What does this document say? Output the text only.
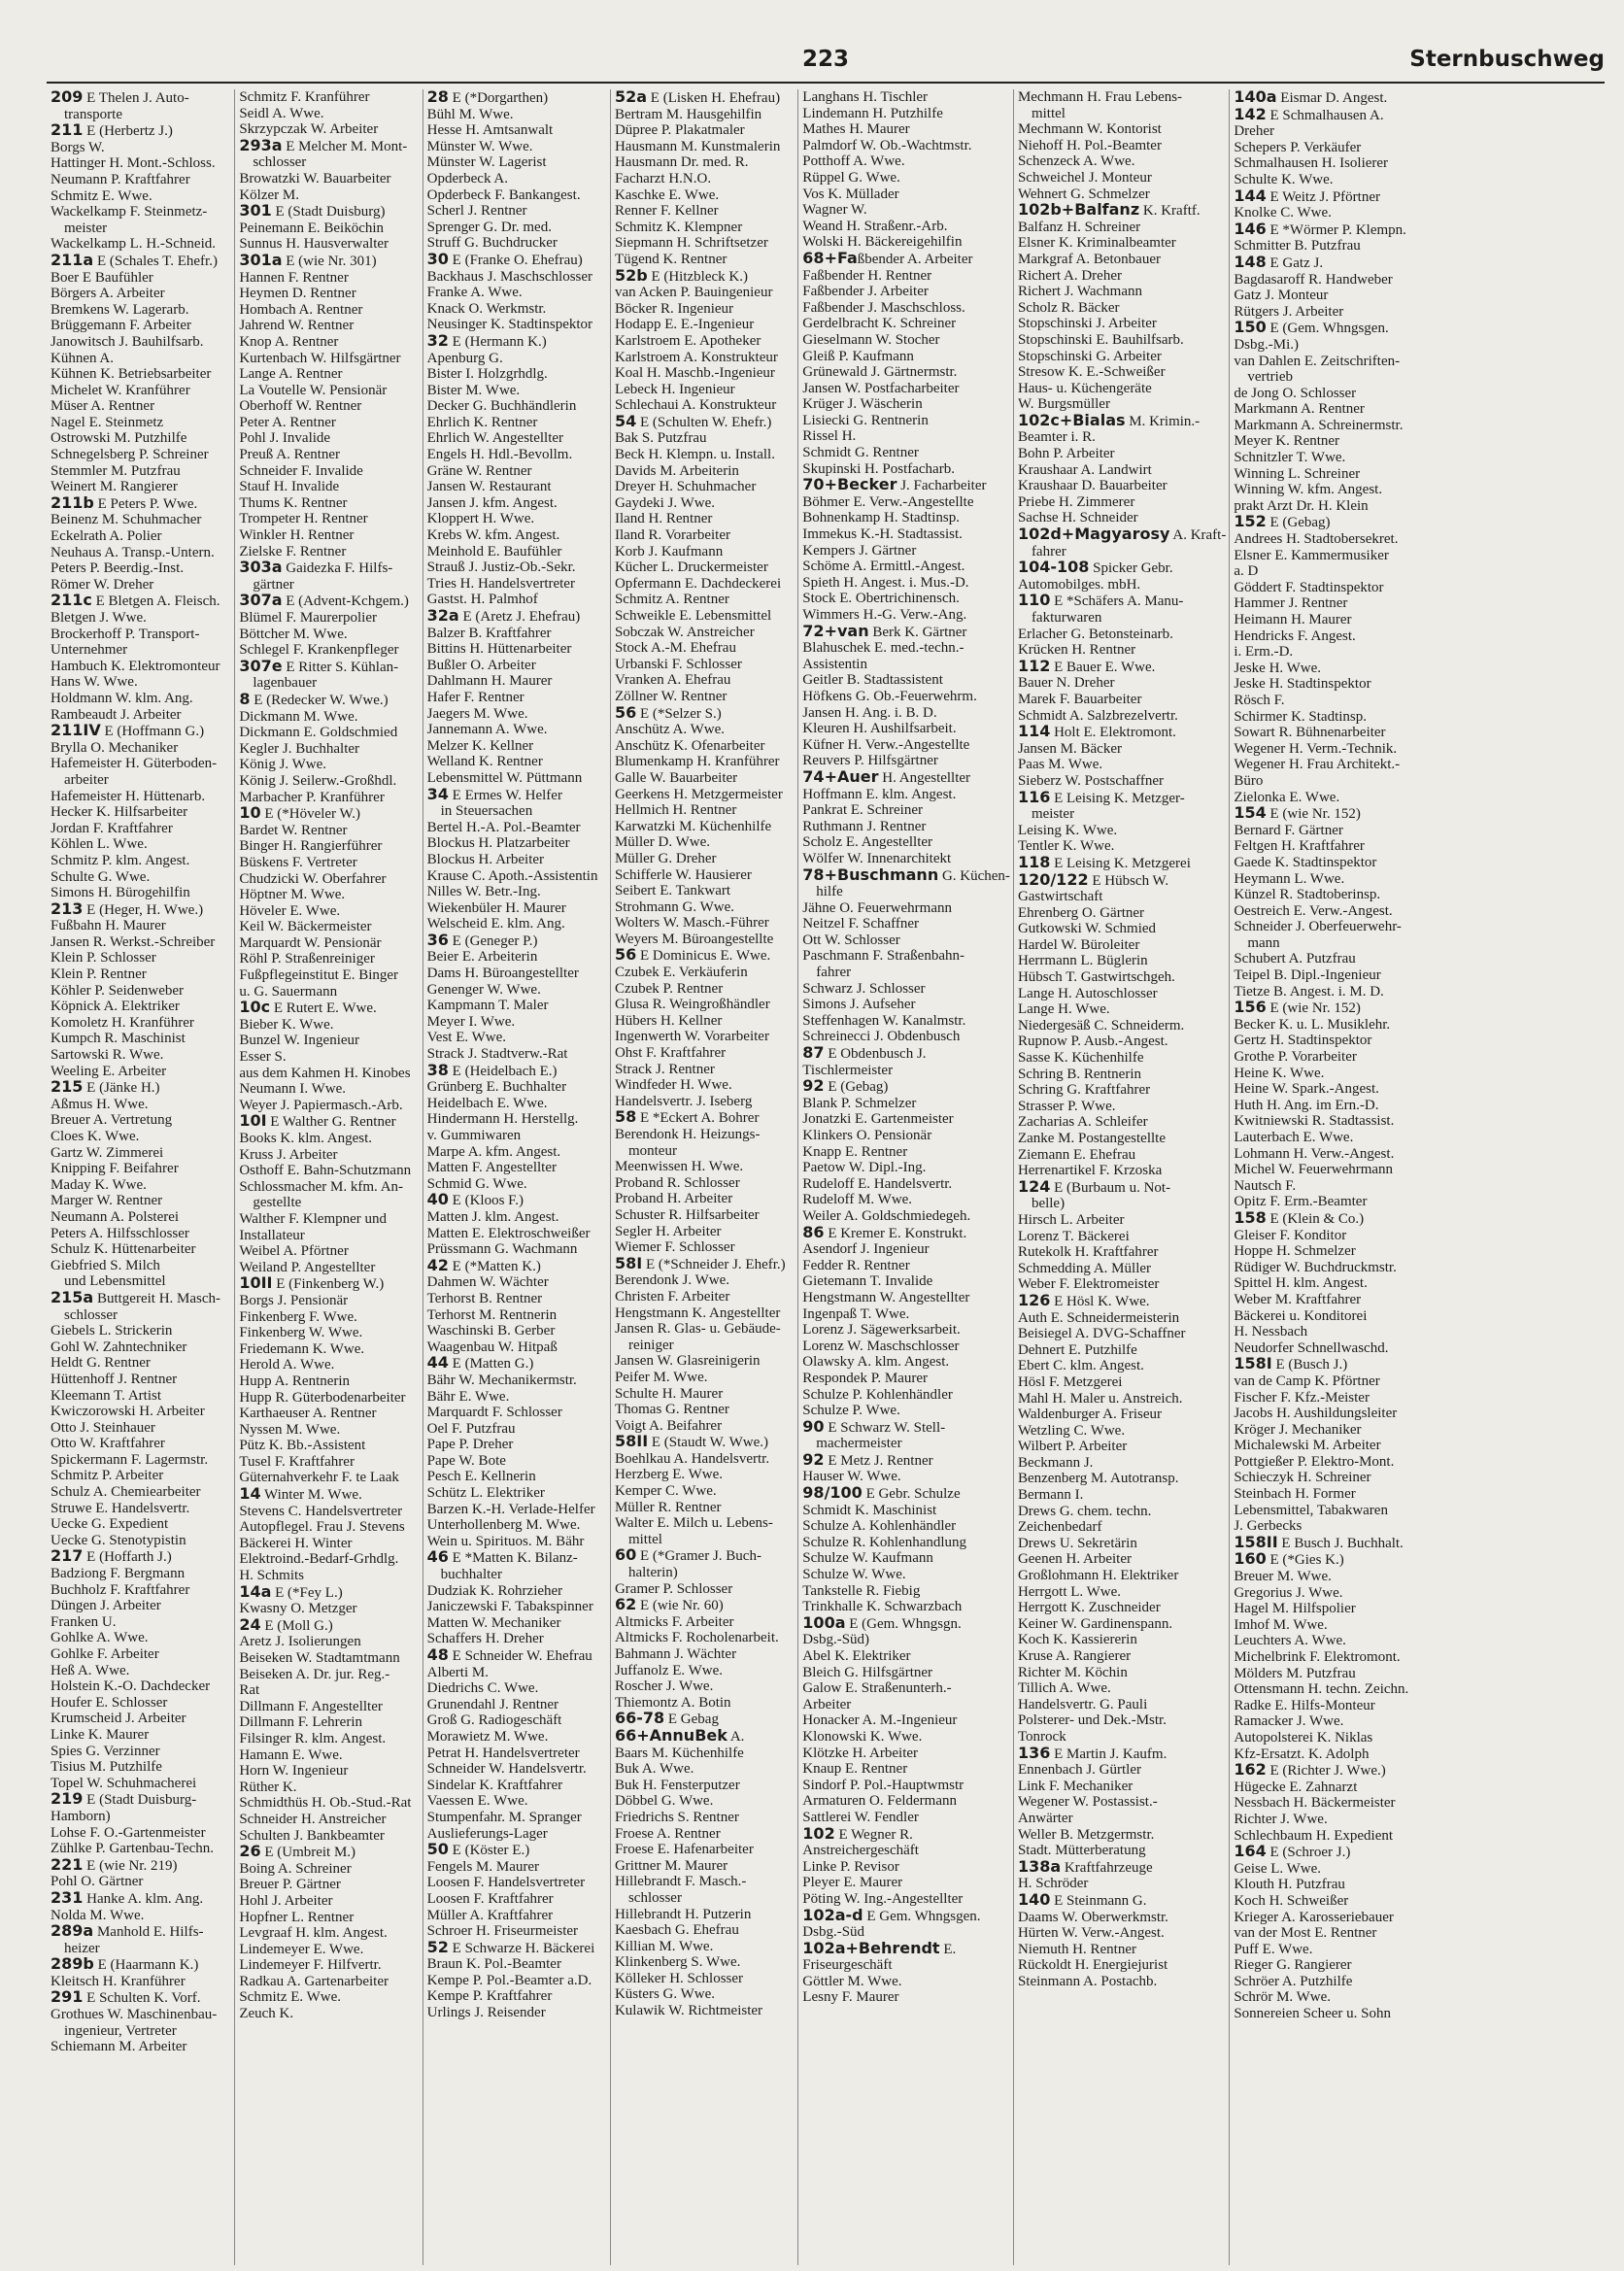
223	Sternbuschweg
209 E Thelen J. Auto-
transporte
211 E (Herbertz J.)
Borgs W.
Hattinger H. Mont.-Schloss.
Neumann P. Kraftfahrer
Schmitz E. Wwe.
Wackelkamp F. Steinmetz-
meister
Wackelkamp L. H.-Schneid.
211a E (Schales T. Ehefr.)
Boer E Baufühler
Börgers A. Arbeiter
Bremkens W. Lagerarb.
Brüggemann F. Arbeiter
Janowitsch J. Bauhilfsarb.
Kühnen A.
Kühnen K. Betriebsarbeiter
Michelet W. Kranführer
Müser A. Rentner
Nagel E. Steinmetz
Ostrowski M. Putzhilfe
Schnegelsberg P. Schreiner
Stemmler M. Putzfrau
Weinert M. Rangierer
211b E Peters P. Wwe.
Beinenz M. Schuhmacher
Eckelrath A. Polier
Neuhaus A. Transp.-Untern.
Peters P. Beerdig.-Inst.
Römer W. Dreher
211c E Bletgen A. Fleisch.
Bletgen J. Wwe.
Brockerhoff P. Transport-
Unternehmer
Hambuch K. Elektromonteur
Hans W. Wwe.
Holdmann W. klm. Ang.
Rambeaudt J. Arbeiter
211IV E (Hoffmann G.)
Brylla O. Mechaniker
Hafemeister H. Güterboden-
arbeiter
Hafemeister H. Hüttenarb.
Hecker K. Hilfsarbeiter
Jordan F. Kraftfahrer
Köhlen L. Wwe.
Schmitz P. klm. Angest.
Schulte G. Wwe.
Simons H. Bürogehilfin
213 E (Heger, H. Wwe.)
Fußbahn H. Maurer
Jansen R. Werkst.-Schreiber
Klein P. Schlosser
Klein P. Rentner
Köhler P. Seidenweber
Köpnick A. Elektriker
Komoletz H. Kranführer
Kumpch R. Maschinist
Sartowski R. Wwe.
Weeling E. Arbeiter
215 E (Jänke H.)
Aßmus H. Wwe.
Breuer A. Vertretung
Cloes K. Wwe.
Gartz W. Zimmerei
Knipping F. Beifahrer
Maday K. Wwe.
Marger W. Rentner
Neumann A. Polsterei
Peters A. Hilfsschlosser
Schulz K. Hüttenarbeiter
Giebfried S. Milch
und Lebensmittel
215a Buttgereit H. Masch-
schlosser
Giebels L. Strickerin
Gohl W. Zahntechniker
Heldt G. Rentner
Hüttenhoff J. Rentner
Kleemann T. Artist
Kwiczorowski H. Arbeiter
Otto J. Steinhauer
Otto W. Kraftfahrer
Spickermann F. Lagermstr.
Schmitz P. Arbeiter
Schulz A. Chemiearbeiter
Struwe E. Handelsvertr.
Uecke G. Expedient
Uecke G. Stenotypistin
217 E (Hoffarth J.)
Badziong F. Bergmann
Buchholz F. Kraftfahrer
Düngen J. Arbeiter
Franken U.
Gohlke A. Wwe.
Gohlke F. Arbeiter
Heß A. Wwe.
Holstein K.-O. Dachdecker
Houfer E. Schlosser
Krumscheid J. Arbeiter
Linke K. Maurer
Spies G. Verzinner
Tisius M. Putzhilfe
Topel W. Schuhmacherei
219 E (Stadt Duisburg-
Hamborn)
Lohse F. O.-Gartenmeister
Zühlke P. Gartenbau-Techn.
221 E (wie Nr. 219)
Pohl O. Gärtner
231 Hanke A. klm. Ang.
Nolda M. Wwe.
289a Manhold E. Hilfs-
heizer
289b E (Haarmann K.)
Kleitsch H. Kranführer
291 E Schulten K. Vorf.
Grothues W. Maschinenbau-
ingenieur, Vertreter
Schiemann M. Arbeiter
Schmitz F. Kranführer
Seidl A. Wwe.
Skrzypczak W. Arbeiter
293a E Melcher M. Mont-
schlosser
Browatzki W. Bauarbeiter
Kölzer M.
301 E (Stadt Duisburg)
Peinemann E. Beiköchin
Sunnus H. Hausverwalter
301a E (wie Nr. 301)
Hannen F. Rentner
Heymen D. Rentner
Hombach A. Rentner
Jahrend W. Rentner
Knop A. Rentner
Kurtenbach W. Hilfsgärtner
Lange A. Rentner
La Voutelle W. Pensionär
Oberhoff W. Rentner
Peter A. Rentner
Pohl J. Invalide
Preuß A. Rentner
Schneider F. Invalide
Stauf H. Invalide
Thums K. Rentner
Trompeter H. Rentner
Winkler H. Rentner
Zielske F. Rentner
303a Gaidezka F. Hilfs-
gärtner
307a E (Advent-Kchgem.)
Blümel F. Maurerpolier
Böttcher M. Wwe.
Schlegel F. Krankenpfleger
307e E Ritter S. Kühlan-
lagenbauer
8 E (Redecker W. Wwe.)
Dickmann M. Wwe.
Dickmann E. Goldschmied
Kegler J. Buchhalter
König J. Wwe.
König J. Seilerw.-Großhdl.
Marbacher P. Kranführer
10 E (*Höveler W.)
Bardet W. Rentner
Binger H. Rangierführer
Büskens F. Vertreter
Chudzicki W. Oberfahrer
Höptner M. Wwe.
Höveler E. Wwe.
Keil W. Bäckermeister
Marquardt W. Pensionär
Röhl P. Straßenreiniger
Fußpflegeinstitut E. Binger
u. G. Sauermann
10c E Rutert E. Wwe.
Bieber K. Wwe.
Bunzel W. Ingenieur
Esser S.
aus dem Kahmen H. Kinobes
Neumann I. Wwe.
Weyer J. Papiermasch.-Arb.
10I E Walther G. Rentner
Books K. klm. Angest.
Kruss J. Arbeiter
Osthoff E. Bahn-Schutzmann
Schlossmacher M. kfm. An-
gestellte
Walther F. Klempner und
Installateur
Weibel A. Pförtner
Weiland P. Angestellter
10II E (Finkenberg W.)
Borgs J. Pensionär
Finkenberg F. Wwe.
Finkenberg W. Wwe.
Friedemann K. Wwe.
Herold A. Wwe.
Hupp A. Rentnerin
Hupp R. Güterbodenarbeiter
Karthaeuser A. Rentner
Nyssen M. Wwe.
Pütz K. Bb.-Assistent
Tusel F. Kraftfahrer
Güternahverkehr F. te Laak
14 Winter M. Wwe.
Stevens C. Handelsvertreter
Autopflegel. Frau J. Stevens
Bäckerei H. Winter
Elektroind.-Bedarf-Grhdlg.
H. Schmits
14a E (*Fey L.)
Kwasny O. Metzger
24 E (Moll G.)
Aretz J. Isolierungen
Beiseken W. Stadtamtmann
Beiseken A. Dr. jur. Reg.-
Rat
Dillmann F. Angestellter
Dillmann F. Lehrerin
Filsinger R. klm. Angest.
Hamann E. Wwe.
Horn W. Ingenieur
Rüther K.
Schmidthüs H. Ob.-Stud.-Rat
Schneider H. Anstreicher
Schulten J. Bankbeamter
26 E (Umbreit M.)
Boing A. Schreiner
Breuer P. Gärtner
Hohl J. Arbeiter
Hopfner L. Rentner
Levgraaf H. klm. Angest.
Lindemeyer E. Wwe.
Lindemeyer F. Hilfvertr.
Radkau A. Gartenarbeiter
Schmitz E. Wwe.
Zeuch K.
28 E (*Dorgarthen)
Bühl M. Wwe.
Hesse H. Amtsanwalt
Münster W. Wwe.
Münster W. Lagerist
Opderbeck A.
Opderbeck F. Bankangest.
Scherl J. Rentner
Sprenger G. Dr. med.
Struff G. Buchdrucker
30 E (Franke O. Ehefrau)
Backhaus J. Maschschlosser
Franke A. Wwe.
Knack O. Werkmstr.
Neusinger K. Stadtinspektor
32 E (Hermann K.)
Apenburg G.
Bister I. Holzgrhdlg.
Bister M. Wwe.
Decker G. Buchhändlerin
Ehrlich K. Rentner
Ehrlich W. Angestellter
Engels H. Hdl.-Bevollm.
Gräne W. Rentner
Jansen W. Restaurant
Jansen J. kfm. Angest.
Kloppert H. Wwe.
Krebs W. kfm. Angest.
Meinhold E. Baufühler
Strauß J. Justiz-Ob.-Sekr.
Tries H. Handelsvertreter
Gastst. H. Palmhof
32a E (Aretz J. Ehefrau)
Balzer B. Kraftfahrer
Bittins H. Hüttenarbeiter
Bußler O. Arbeiter
Dahlmann H. Maurer
Hafer F. Rentner
Jaegers M. Wwe.
Jannemann A. Wwe.
Melzer K. Kellner
Welland K. Rentner
Lebensmittel W. Püttmann
34 E Ermes W. Helfer
in Steuersachen
Bertel H.-A. Pol.-Beamter
Blockus H. Platzarbeiter
Blockus H. Arbeiter
Krause C. Apoth.-Assistentin
Nilles W. Betr.-Ing.
Wiekenbüler H. Maurer
Welscheid E. klm. Ang.
36 E (Geneger P.)
Beier E. Arbeiterin
Dams H. Büroangestellter
Genenger W. Wwe.
Kampmann T. Maler
Meyer I. Wwe.
Vest E. Wwe.
Strack J. Stadtverw.-Rat
38 E (Heidelbach E.)
Grünberg E. Buchhalter
Heidelbach E. Wwe.
Hindermann H. Herstellg.
v. Gummiwaren
Marpe A. kfm. Angest.
Matten F. Angestellter
Schmid G. Wwe.
40 E (Kloos F.)
Matten J. klm. Angest.
Matten E. Elektroschweißer
Prüssmann G. Wachmann
42 E (*Matten K.)
Dahmen W. Wächter
Terhorst B. Rentner
Terhorst M. Rentnerin
Waschinski B. Gerber
Waagenbau W. Hitpaß
44 E (Matten G.)
Bähr W. Mechanikermstr.
Bähr E. Wwe.
Marquardt F. Schlosser
Oel F. Putzfrau
Pape P. Dreher
Pape W. Bote
Pesch E. Kellnerin
Schütz L. Elektriker
Barzen K.-H. Verlade-Helfer
Unterhollenberg M. Wwe.
Wein u. Spirituos. M. Bähr
46 E *Matten K. Bilanz-
buchhalter
Dudziak K. Rohrzieher
Janiczewski F. Tabakspinner
Matten W. Mechaniker
Schaffers H. Dreher
48 E Schneider W. Ehefrau
Alberti M.
Diedrichs C. Wwe.
Grunendahl J. Rentner
Groß G. Radiogeschäft
Morawietz M. Wwe.
Petrat H. Handelsvertreter
Schneider W. Handelsvertr.
Sindelar K. Kraftfahrer
Vaessen E. Wwe.
Stumpenfahr. M. Spranger
Auslieferungs-Lager
50 E (Köster E.)
Fengels M. Maurer
Loosen F. Handelsvertreter
Loosen F. Kraftfahrer
Müller A. Kraftfahrer
Schroer H. Friseurmeister
52 E Schwarze H. Bäckerei
Braun K. Pol.-Beamter
Kempe P. Pol.-Beamter a.D.
Kempe P. Kraftfahrer
Urlings J. Reisender
52a E (Lisken H. Ehefrau)
Bertram M. Hausgehilfin
Düpree P. Plakatmaler
Hausmann M. Kunstmalerin
Hausmann Dr. med. R.
Facharzt H.N.O.
Kaschke E. Wwe.
Renner F. Kellner
Schmitz K. Klempner
Siepmann H. Schriftsetzer
Tügend K. Rentner
52b E (Hitzbleck K.)
van Acken P. Bauingenieur
Böcker R. Ingenieur
Hodapp E. E.-Ingenieur
Karlstroem E. Apotheker
Karlstroem A. Konstrukteur
Koal H. Maschb.-Ingenieur
Lebeck H. Ingenieur
Schlechaui A. Konstrukteur
54 E (Schulten W. Ehefr.)
Bak S. Putzfrau
Beck H. Klempn. u. Install.
Davids M. Arbeiterin
Dreyer H. Schuhmacher
Gaydeki J. Wwe.
Iland H. Rentner
Iland R. Vorarbeiter
Korb J. Kaufmann
Kücher L. Druckermeister
Opfermann E. Dachdeckerei
Schmitz A. Rentner
Schweikle E. Lebensmittel
Sobczak W. Anstreicher
Stock A.-M. Ehefrau
Urbanski F. Schlosser
Vranken A. Ehefrau
Zöllner W. Rentner
56 E (*Selzer S.)
Anschütz A. Wwe.
Anschütz K. Ofenarbeiter
Blumenkamp H. Kranführer
Galle W. Bauarbeiter
Geerkens H. Metzgermeister
Hellmich H. Rentner
Karwatzki M. Küchenhilfe
Müller D. Wwe.
Müller G. Dreher
Schifferle W. Hausierer
Seibert E. Tankwart
Strohmann G. Wwe.
Wolters W. Masch.-Führer
Weyers M. Büroangestellte
56 E Dominicus E. Wwe.
Czubek E. Verkäuferin
Czubek P. Rentner
Glusa R. Weingroßhändler
Hübers H. Kellner
Ingenwerth W. Vorarbeiter
Ohst F. Kraftfahrer
Strack J. Rentner
Windfeder H. Wwe.
Handelsvertr. J. Iseberg
58 E *Eckert A. Bohrer
Berendonk H. Heizungs-
monteur
Meenwissen H. Wwe.
Proband R. Schlosser
Proband H. Arbeiter
Schuster R. Hilfsarbeiter
Segler H. Arbeiter
Wiemer F. Schlosser
58I E (*Schneider J. Ehefr.)
Berendonk J. Wwe.
Christen F. Arbeiter
Hengstmann K. Angestellter
Jansen R. Glas- u. Gebäude-
reiniger
Jansen W. Glasreinigerin
Peifer M. Wwe.
Schulte H. Maurer
Thomas G. Rentner
Voigt A. Beifahrer
58II E (Staudt W. Wwe.)
Boehlkau A. Handelsvertr.
Herzberg E. Wwe.
Kemper C. Wwe.
Müller R. Rentner
Walter E. Milch u. Lebens-
mittel
60 E (*Gramer J. Buch-
halterin)
Gramer P. Schlosser
62 E (wie Nr. 60)
Altmicks F. Arbeiter
Altmicks F. Rocholenarbeit.
Bahmann J. Wächter
Juffanolz E. Wwe.
Roscher J. Wwe.
Thiemontz A. Botin
66-78 E Gebag
66+AnnuBek A.
Baars M. Küchenhilfe
Buk A. Wwe.
Buk H. Fensterputzer
Döbbel G. Wwe.
Friedrichs S. Rentner
Froese A. Rentner
Froese E. Hafenarbeiter
Grittner M. Maurer
Hillebrandt F. Masch.-
schlosser
Hillebrandt H. Putzerin
Kaesbach G. Ehefrau
Killian M. Wwe.
Klinkenberg S. Wwe.
Kölleker H. Schlosser
Küsters G. Wwe.
Kulawik W. Richtmeister
Langhans H. Tischler
Lindemann H. Putzhilfe
Mathes H. Maurer
Palmdorf W. Ob.-Wachtmstr.
Potthoff A. Wwe.
Rüppel G. Wwe.
Vos K. Müllader
Wagner W.
Weand H. Straßenr.-Arb.
Wolski H. Bäckereigehilfin
68+Faßbender A. Arbeiter
Faßbender H. Rentner
Faßbender J. Arbeiter
Faßbender J. Maschschloss.
Gerdelbracht K. Schreiner
Gieselmann W. Stocher
Gleiß P. Kaufmann
Grünewald J. Gärtnermstr.
Jansen W. Postfacharbeiter
Krüger J. Wäscherin
Lisiecki G. Rentnerin
Rissel H.
Schmidt G. Rentner
Skupinski H. Postfacharb.
70+Becker J. Facharbeiter
Böhmer E. Verw.-Angestellte
Bohnenkamp H. Stadtinsp.
Immekus K.-H. Stadtassist.
Kempers J. Gärtner
Schöme A. Ermittl.-Angest.
Spieth H. Angest. i. Mus.-D.
Stock E. Obertrichinensch.
Wimmers H.-G. Verw.-Ang.
72+van Berk K. Gärtner
Blahuschek E. med.-techn.-
Assistentin
Geitler B. Stadtassistent
Höfkens G. Ob.-Feuerwehrm.
Jansen H. Ang. i. B. D.
Kleuren H. Aushilfsarbeit.
Küfner H. Verw.-Angestellte
Reuvers P. Hilfsgärtner
74+Auer H. Angestellter
Hoffmann E. klm. Angest.
Pankrat E. Schreiner
Ruthmann J. Rentner
Scholz E. Angestellter
Wölfer W. Innenarchitekt
78+Buschmann G. Küchen-
hilfe
Jähne O. Feuerwehrmann
Neitzel F. Schaffner
Ott W. Schlosser
Paschmann F. Straßenbahn-
fahrer
Schwarz J. Schlosser
Simons J. Aufseher
Steffenhagen W. Kanalmstr.
Schreinecci J. Obdenbusch
87 E Obdenbusch J.
Tischlermeister
92 E (Gebag)
Blank P. Schmelzer
Jonatzki E. Gartenmeister
Klinkers O. Pensionär
Knapp E. Rentner
Paetow W. Dipl.-Ing.
Rudeloff E. Handelsvertr.
Rudeloff M. Wwe.
Weiler A. Goldschmiedegeh.
86 E Kremer E. Konstrukt.
Asendorf J. Ingenieur
Fedder R. Rentner
Gietemann T. Invalide
Hengstmann W. Angestellter
Ingenpaß T. Wwe.
Lorenz J. Sägewerksarbeit.
Lorenz W. Maschschlosser
Olawsky A. klm. Angest.
Respondek P. Maurer
Schulze P. Kohlenhändler
Schulze P. Wwe.
90 E Schwarz W. Stell-
machermeister
92 E Metz J. Rentner
Hauser W. Wwe.
98/100 E Gebr. Schulze
Schmidt K. Maschinist
Schulze A. Kohlenhändler
Schulze R. Kohlenhandlung
Schulze W. Kaufmann
Schulze W. Wwe.
Tankstelle R. Fiebig
Trinkhalle K. Schwarzbach
100a E (Gem. Whngsgn.
Dsbg.-Süd)
Abel K. Elektriker
Bleich G. Hilfsgärtner
Galow E. Straßenunterh.-
Arbeiter
Honacker A. M.-Ingenieur
Klonowski K. Wwe.
Klötzke H. Arbeiter
Knaup E. Rentner
Sindorf P. Pol.-Hauptwmstr
Armaturen O. Feldermann
Sattlerei W. Fendler
102 E Wegner R.
Anstreichergeschäft
Linke P. Revisor
Pleyer E. Maurer
Pöting W. Ing.-Angestellter
102a-d E Gem. Whngsgen.
Dsbg.-Süd
102a+Behrendt E.
Friseurgeschäft
Göttler M. Wwe.
Lesny F. Maurer
Mechmann H. Frau Lebens-
mittel
Mechmann W. Kontorist
Niehoff H. Pol.-Beamter
Schenzeck A. Wwe.
Schweichel J. Monteur
Wehnert G. Schmelzer
102b+Balfanz K. Kraftf.
Balfanz H. Schreiner
Elsner K. Kriminalbeamter
Markgraf A. Betonbauer
Richert A. Dreher
Richert J. Wachmann
Scholz R. Bäcker
Stopschinski J. Arbeiter
Stopschinski E. Bauhilfsarb.
Stopschinski G. Arbeiter
Stresow K. E.-Schweißer
Haus- u. Küchengeräte
W. Burgsmüller
102c+Bialas M. Krimin.-
Beamter i. R.
Bohn P. Arbeiter
Kraushaar A. Landwirt
Kraushaar D. Bauarbeiter
Priebe H. Zimmerer
Sachse H. Schneider
102d+Magyarosy A. Kraft-
fahrer
104-108 Spicker Gebr.
Automobilges. mbH.
110 E *Schäfers A. Manu-
fakturwaren
Erlacher G. Betonsteinarb.
Krücken H. Rentner
112 E Bauer E. Wwe.
Bauer N. Dreher
Marek F. Bauarbeiter
Schmidt A. Salzbrezelvertr.
114 Holt E. Elektromont.
Jansen M. Bäcker
Paas M. Wwe.
Sieberz W. Postschaffner
116 E Leising K. Metzger-
meister
Leising K. Wwe.
Tentler K. Wwe.
118 E Leising K. Metzgerei
120/122 E Hübsch W.
Gastwirtschaft
Ehrenberg O. Gärtner
Gutkowski W. Schmied
Hardel W. Büroleiter
Herrmann L. Büglerin
Hübsch T. Gastwirtschgeh.
Lange H. Autoschlosser
Lange H. Wwe.
Niedergesäß C. Schneiderm.
Rupnow P. Ausb.-Angest.
Sasse K. Küchenhilfe
Schring B. Rentnerin
Schring G. Kraftfahrer
Strasser P. Wwe.
Zacharias A. Schleifer
Zanke M. Postangestellte
Ziemann E. Ehefrau
Herrenartikel F. Krzoska
124 E (Burbaum u. Not-
belle)
Hirsch L. Arbeiter
Lorenz T. Bäckerei
Rutekolk H. Kraftfahrer
Schmedding A. Müller
Weber F. Elektromeister
126 E Hösl K. Wwe.
Auth E. Schneidermeisterin
Beisiegel A. DVG-Schaffner
Dehnert E. Putzhilfe
Ebert C. klm. Angest.
Hösl F. Metzgerei
Mahl H. Maler u. Anstreich.
Waldenburger A. Friseur
Wetzling C. Wwe.
Wilbert P. Arbeiter
Beckmann J.
Benzenberg M. Autotransp.
Bermann I.
Drews G. chem. techn.
Zeichenbedarf
Drews U. Sekretärin
Geenen H. Arbeiter
Großlohmann H. Elektriker
Herrgott L. Wwe.
Herrgott K. Zuschneider
Keiner W. Gardinenspann.
Koch K. Kassiererin
Kruse A. Rangierer
Richter M. Köchin
Tillich A. Wwe.
Handelsvertr. G. Pauli
Polsterer- und Dek.-Mstr.
Tonrock
136 E Martin J. Kaufm.
Ennenbach J. Gürtler
Link F. Mechaniker
Wegener W. Postassist.-
Anwärter
Weller B. Metzgermstr.
Stadt. Mütterberatung
138a Kraftfahrzeuge
H. Schröder
140 E Steinmann G.
Daams W. Oberwerkmstr.
Hürten W. Verw.-Angest.
Niemuth H. Rentner
Rückoldt H. Energiejurist
Steinmann A. Postachb.
140a Eismar D. Angest.
142 E Schmalhausen A.
Dreher
Schepers P. Verkäufer
Schmalhausen H. Isolierer
Schulte K. Wwe.
144 E Weitz J. Pförtner
Knolke C. Wwe.
146 E *Wörmer P. Klempn.
Schmitter B. Putzfrau
148 E Gatz J.
Bagdasaroff R. Handweber
Gatz J. Monteur
Rütgers J. Arbeiter
150 E (Gem. Whngsgen.
Dsbg.-Mi.)
van Dahlen E. Zeitschriften-
vertrieb
de Jong O. Schlosser
Markmann A. Rentner
Markmann A. Schreinermstr.
Meyer K. Rentner
Schnitzler T. Wwe.
Winning L. Schreiner
Winning W. kfm. Angest.
prakt Arzt Dr. H. Klein
152 E (Gebag)
Andrees H. Stadtobersekret.
Elsner E. Kammermusiker
a. D
Göddert F. Stadtinspektor
Hammer J. Rentner
Heimann H. Maurer
Hendricks F. Angest.
i. Erm.-D.
Jeske H. Wwe.
Jeske H. Stadtinspektor
Rösch F.
Schirmer K. Stadtinsp.
Sowart R. Bühnenarbeiter
Wegener H. Verm.-Technik.
Wegener H. Frau Architekt.-
Büro
Zielonka E. Wwe.
154 E (wie Nr. 152)
Bernard F. Gärtner
Feltgen H. Kraftfahrer
Gaede K. Stadtinspektor
Heymann L. Wwe.
Künzel R. Stadtoberinsp.
Oestreich E. Verw.-Angest.
Schneider J. Oberfeuerwehr-
mann
Schubert A. Putzfrau
Teipel B. Dipl.-Ingenieur
Tietze B. Angest. i. M. D.
156 E (wie Nr. 152)
Becker K. u. L. Musiklehr.
Gertz H. Stadtinspektor
Grothe P. Vorarbeiter
Heine K. Wwe.
Heine W. Spark.-Angest.
Huth H. Ang. im Ern.-D.
Kwitniewski R. Stadtassist.
Lauterbach E. Wwe.
Lohmann H. Verw.-Angest.
Michel W. Feuerwehrmann
Nautsch F.
Opitz F. Erm.-Beamter
158 E (Klein & Co.)
Gleiser F. Konditor
Hoppe H. Schmelzer
Rüdiger W. Buchdruckmstr.
Spittel H. klm. Angest.
Weber M. Kraftfahrer
Bäckerei u. Konditorei
H. Nessbach
Neudorfer Schnellwaschd.
158I E (Busch J.)
van de Camp K. Pförtner
Fischer F. Kfz.-Meister
Jacobs H. Aushildungsleiter
Kröger J. Mechaniker
Michalewski M. Arbeiter
Pottgießer P. Elektro-Mont.
Schieczyk H. Schreiner
Steinbach H. Former
Lebensmittel, Tabakwaren
J. Gerbecks
158II E Busch J. Buchhalt.
160 E (*Gies K.)
Breuer M. Wwe.
Gregorius J. Wwe.
Hagel M. Hilfspolier
Imhof M. Wwe.
Leuchters A. Wwe.
Michelbrink F. Elektromont.
Mölders M. Putzfrau
Ottensmann H. techn. Zeichn.
Radke E. Hilfs-Monteur
Ramacker J. Wwe.
Autopolsterei K. Niklas
Kfz-Ersatzt. K. Adolph
162 E (Richter J. Wwe.)
Hügecke E. Zahnarzt
Nessbach H. Bäckermeister
Richter J. Wwe.
Schlechbaum H. Expedient
164 E (Schroer J.)
Geise L. Wwe.
Klouth H. Putzfrau
Koch H. Schweißer
Krieger A. Karosseriebauer
van der Most E. Rentner
Puff E. Wwe.
Rieger G. Rangierer
Schröer A. Putzhilfe
Schrör M. Wwe.
Sonnereien Scheer u. Sohn
